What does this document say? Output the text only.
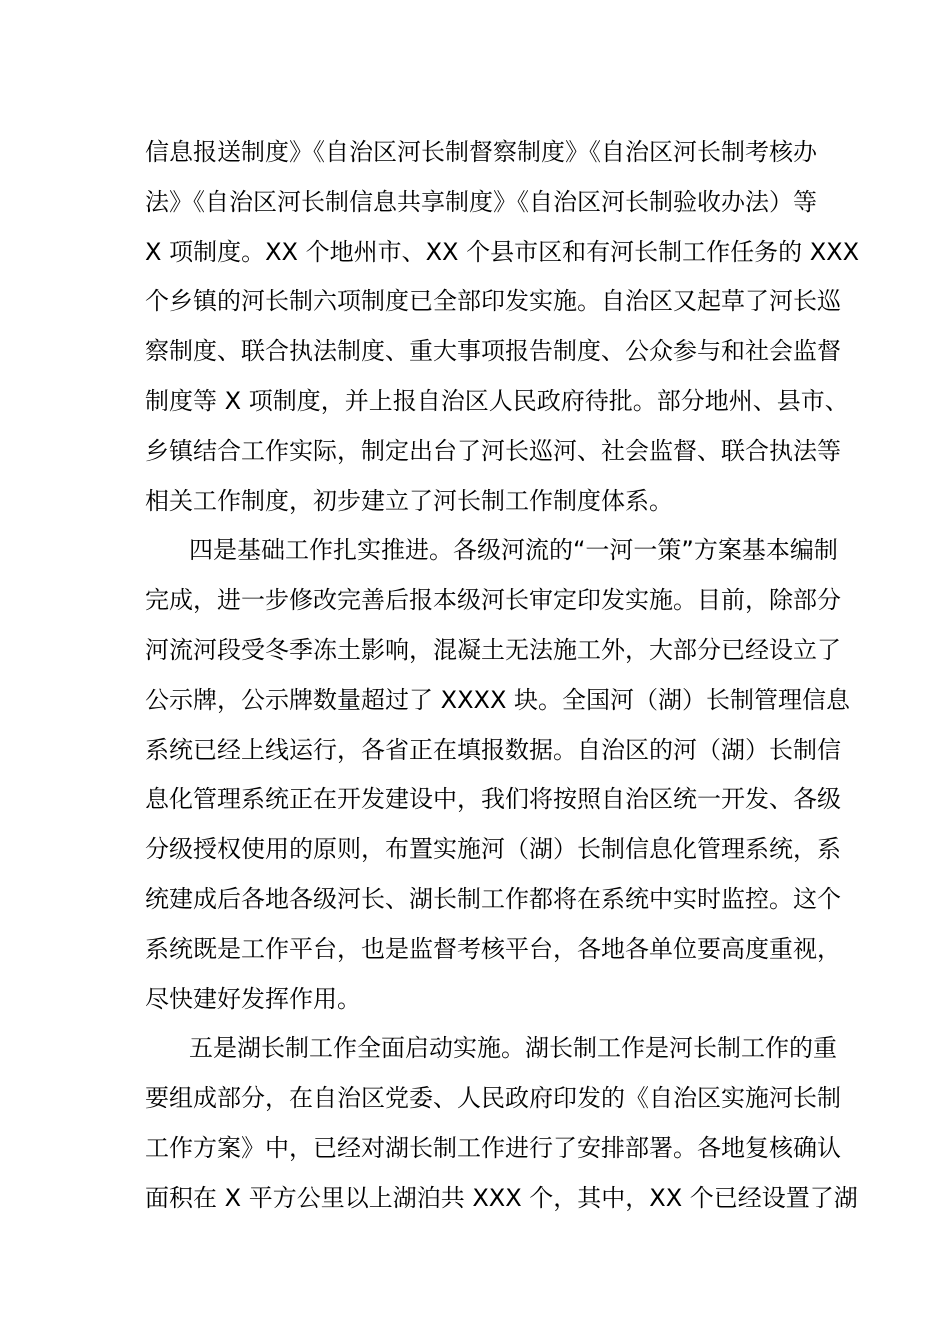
信息报送制度》《自治区河长制督察制度》《自治区河长制考核办
法》《自治区河长制信息共享制度》《自治区河长制验收办法）等
X 项制度。XX 个地州市、XX 个县市区和有河长制工作任务的 XXX
个乡镇的河长制六项制度已全部印发实施。自治区又起草了河长巡
察制度、联合执法制度、重大事项报告制度、公众参与和社会监督
制度等 X 项制度，并上报自治区人民政府待批。部分地州、县市、
乡镇结合工作实际，制定出台了河长巡河、社会监督、联合执法等
相关工作制度，初步建立了河长制工作制度体系。
四是基础工作扎实推进。各级河流的“一河一策”方案基本编制
完成，进一步修改完善后报本级河长审定印发实施。目前，除部分
河流河段受冬季冻土影响，混凝土无法施工外，大部分已经设立了
公示牌，公示牌数量超过了 XXXX 块。全国河（湖）长制管理信息
系统已经上线运行，各省正在填报数据。自治区的河（湖）长制信
息化管理系统正在开发建设中，我们将按照自治区统一开发、各级
分级授权使用的原则，布置实施河（湖）长制信息化管理系统，系
统建成后各地各级河长、湖长制工作都将在系统中实时监控。这个
系统既是工作平台，也是监督考核平台，各地各单位要高度重视，
尽快建好发挥作用。
五是湖长制工作全面启动实施。湖长制工作是河长制工作的重
要组成部分，在自治区党委、人民政府印发的《自治区实施河长制
工作方案》中，已经对湖长制工作进行了安排部署。各地复核确认
面积在 X 平方公里以上湖泊共 XXX 个，其中，XX 个已经设置了湖
